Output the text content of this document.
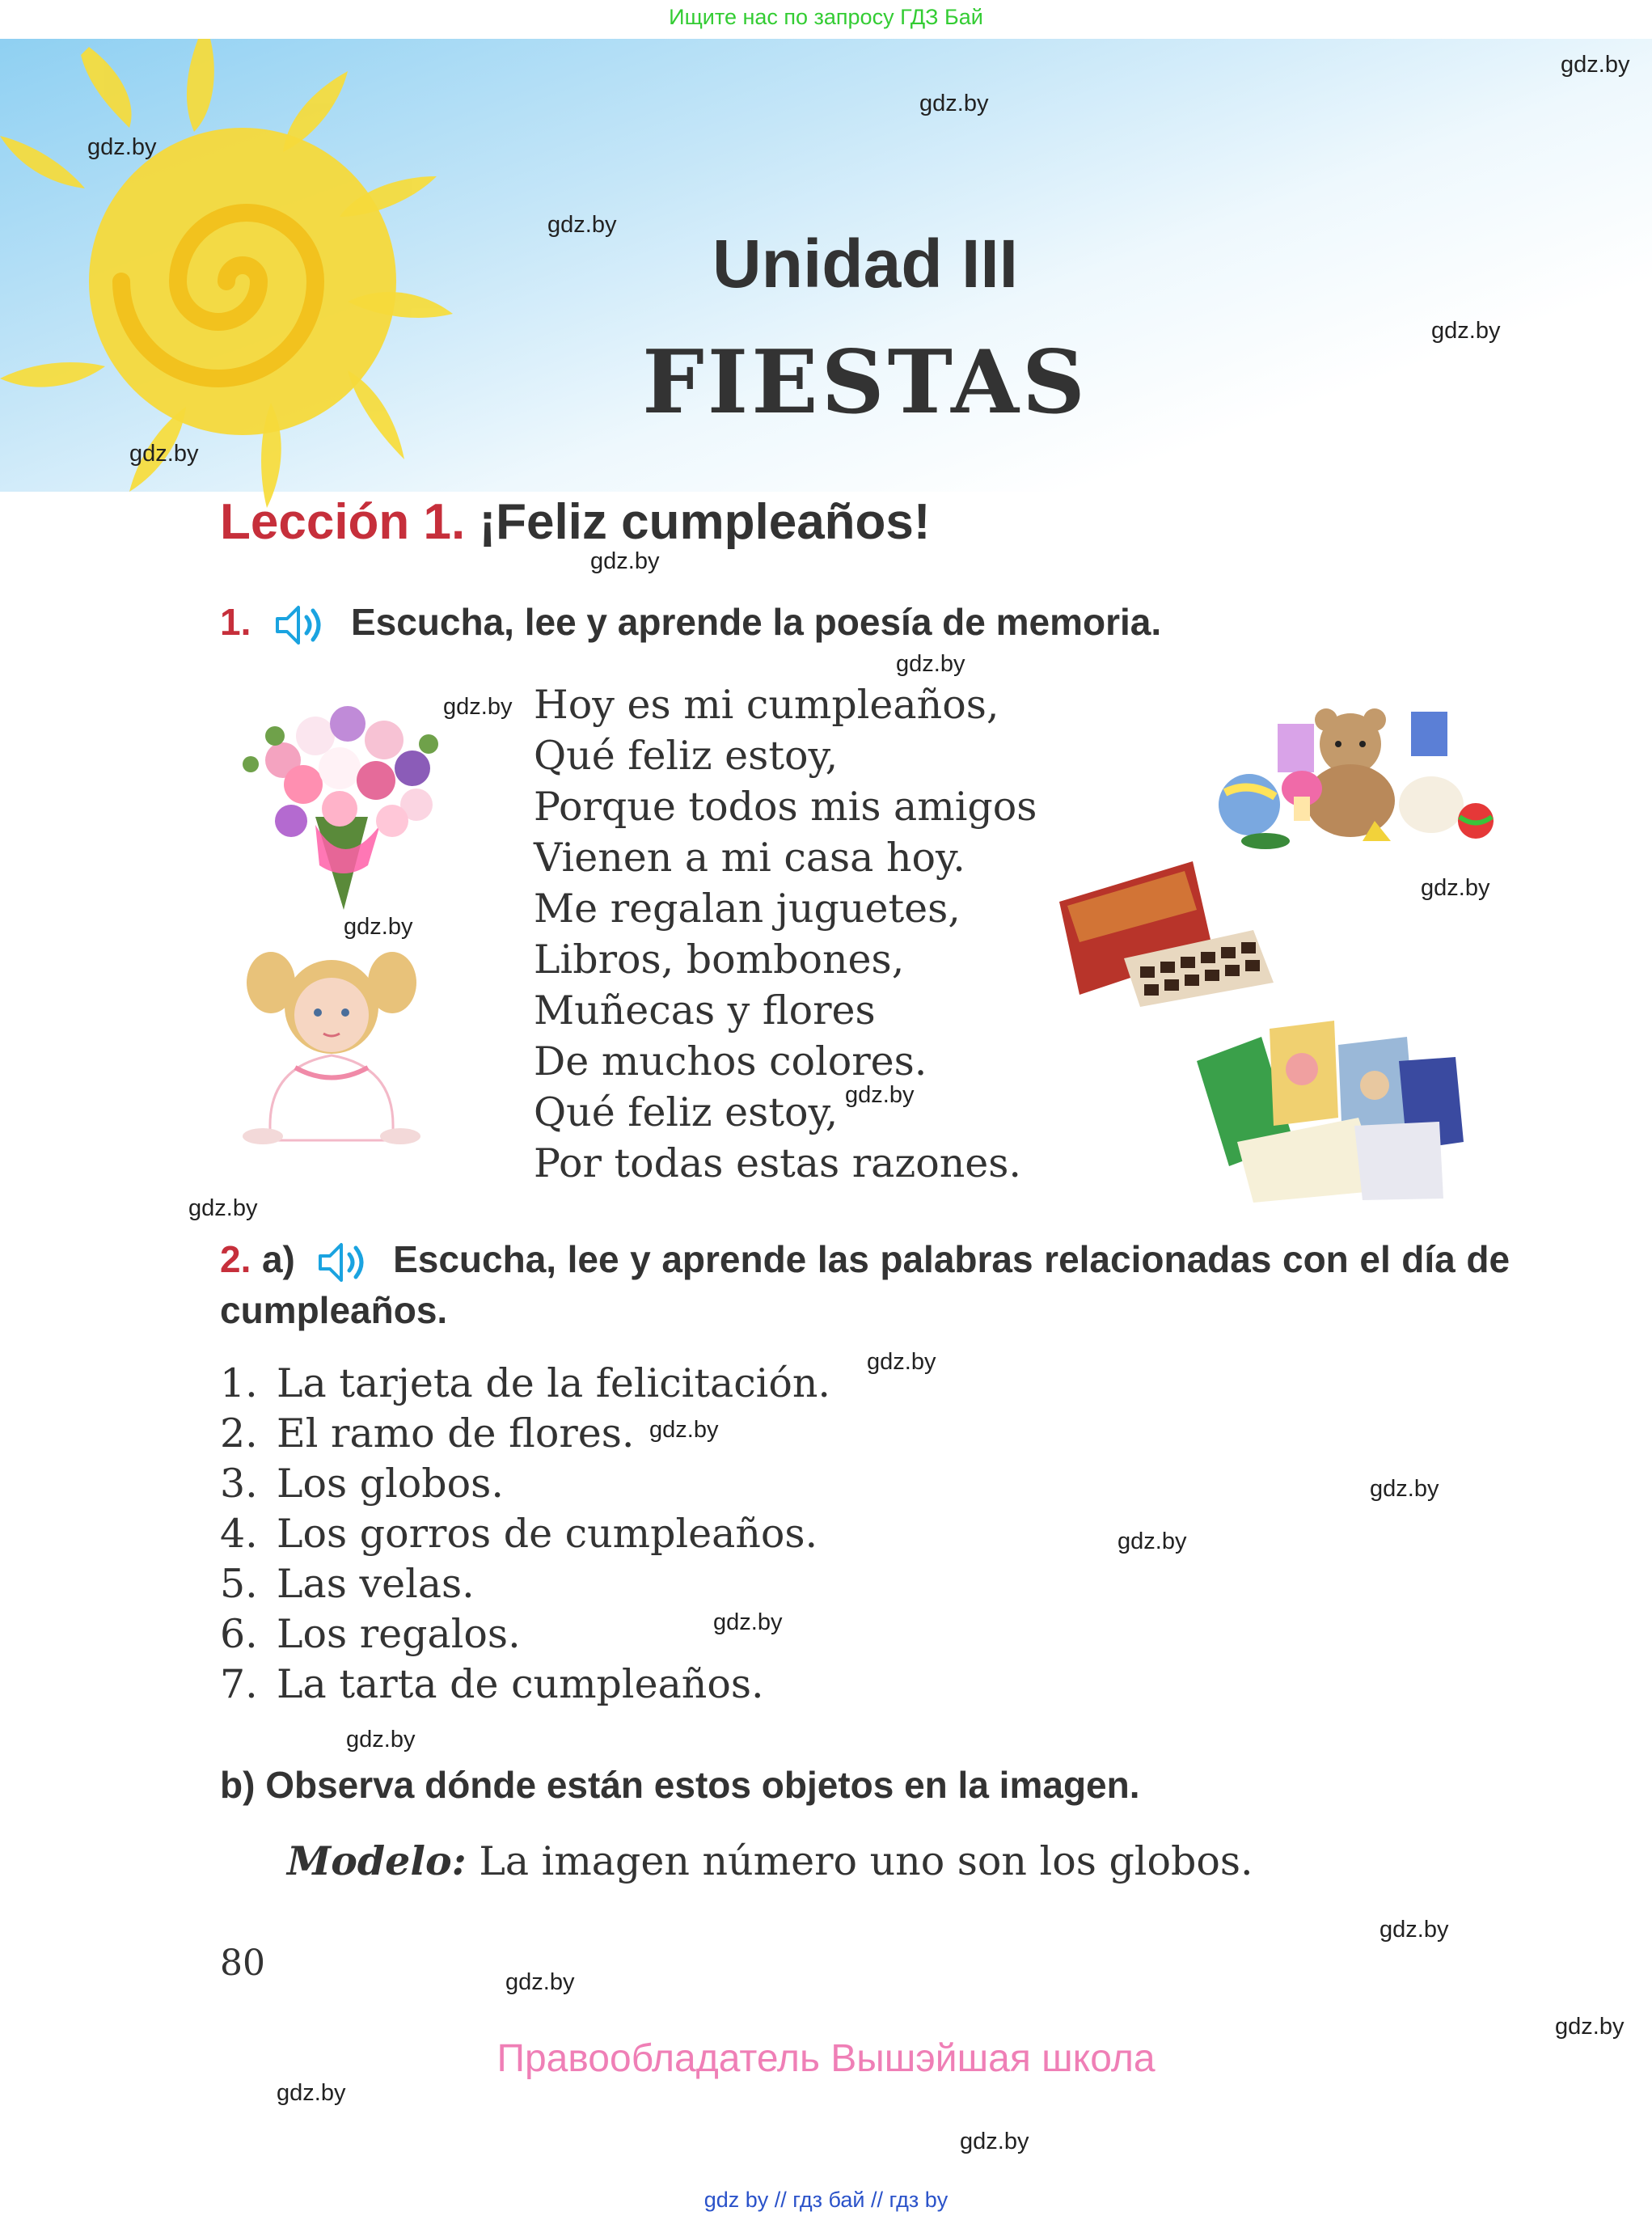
Ищите нас по запросу ГДЗ Бай
gdz.by
gdz.by
gdz.by
gdz.by
gdz.by
gdz.by
gdz.by
gdz.by
gdz.by
gdz.by
gdz.by
gdz.by
gdz.by
gdz.by
gdz.by
gdz.by
gdz.by
gdz.by
gdz.by
gdz.by
gdz.by
gdz.by
gdz.by
gdz.by
Unidad III
FIESTAS
Lección 1. ¡Feliz cumpleaños!
1.	Escucha, lee y aprende la poesía de memoria.
Hoy es mi cumpleaños,
Qué feliz estoy,
Porque todos mis amigos
Vienen a mi casa hoy.
Me regalan juguetes,
Libros, bombones,
Muñecas y flores
De muchos colores.
Qué feliz estoy,
Por todas estas razones.
2. a)	Escucha, lee y aprende las palabras relacionadas con el día de cumpleaños.
1. La tarjeta de la felicitación.
2. El ramo de flores.
3. Los globos.
4. Los gorros de cumpleaños.
5. Las velas.
6. Los regalos.
7. La tarta de cumpleaños.
b) Observa dónde están estos objetos en la imagen.
Modelo: La imagen número uno son los globos.
80
Правообладатель Вышэйшая школа
gdz by // гдз бай // гдз by
